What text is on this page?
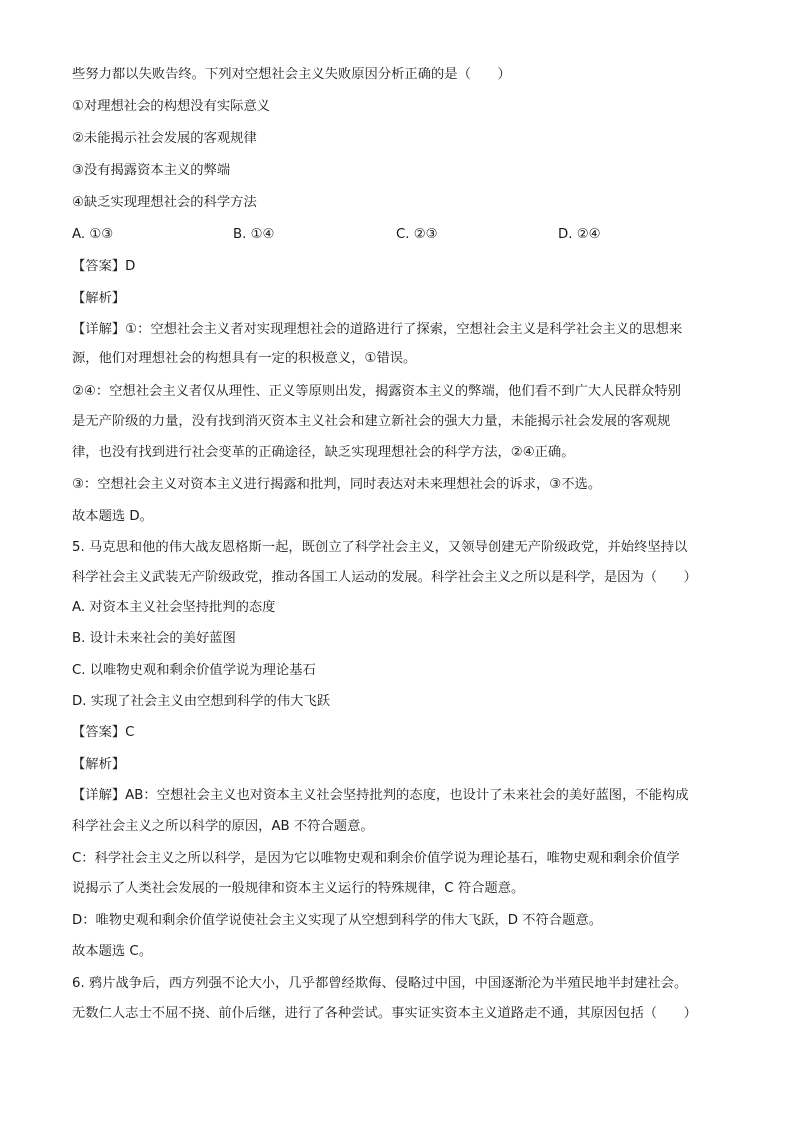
些努力都以失败告终。下列对空想社会主义失败原因分析正确的是（　　）
①对理想社会的构想没有实际意义
②未能揭示社会发展的客观规律
③没有揭露资本主义的弊端
④缺乏实现理想社会的科学方法
A. ①③	B. ①④	C. ②③	D. ②④
【答案】D
【解析】
【详解】①：空想社会主义者对实现理想社会的道路进行了探索，空想社会主义是科学社会主义的思想来
源，他们对理想社会的构想具有一定的积极意义，①错误。
②④：空想社会主义者仅从理性、正义等原则出发，揭露资本主义的弊端，他们看不到广大人民群众特别
是无产阶级的力量，没有找到消灭资本主义社会和建立新社会的强大力量，未能揭示社会发展的客观规
律，也没有找到进行社会变革的正确途径，缺乏实现理想社会的科学方法，②④正确。
③：空想社会主义对资本主义进行揭露和批判，同时表达对未来理想社会的诉求，③不选。
故本题选 D。
5. 马克思和他的伟大战友恩格斯一起，既创立了科学社会主义，又领导创建无产阶级政党，并始终坚持以
科学社会主义武装无产阶级政党，推动各国工人运动的发展。科学社会主义之所以是科学，是因为（　　）
A. 对资本主义社会坚持批判的态度
B. 设计未来社会的美好蓝图
C. 以唯物史观和剩余价值学说为理论基石
D. 实现了社会主义由空想到科学的伟大飞跃
【答案】C
【解析】
【详解】AB：空想社会主义也对资本主义社会坚持批判的态度，也设计了未来社会的美好蓝图，不能构成
科学社会主义之所以科学的原因，AB 不符合题意。
C：科学社会主义之所以科学，是因为它以唯物史观和剩余价值学说为理论基石，唯物史观和剩余价值学
说揭示了人类社会发展的一般规律和资本主义运行的特殊规律，C 符合题意。
D：唯物史观和剩余价值学说使社会主义实现了从空想到科学的伟大飞跃，D 不符合题意。
故本题选 C。
6. 鸦片战争后，西方列强不论大小，几乎都曾经欺侮、侵略过中国，中国逐渐沦为半殖民地半封建社会。
无数仁人志士不屈不挠、前仆后继，进行了各种尝试。事实证实资本主义道路走不通，其原因包括（　　）
